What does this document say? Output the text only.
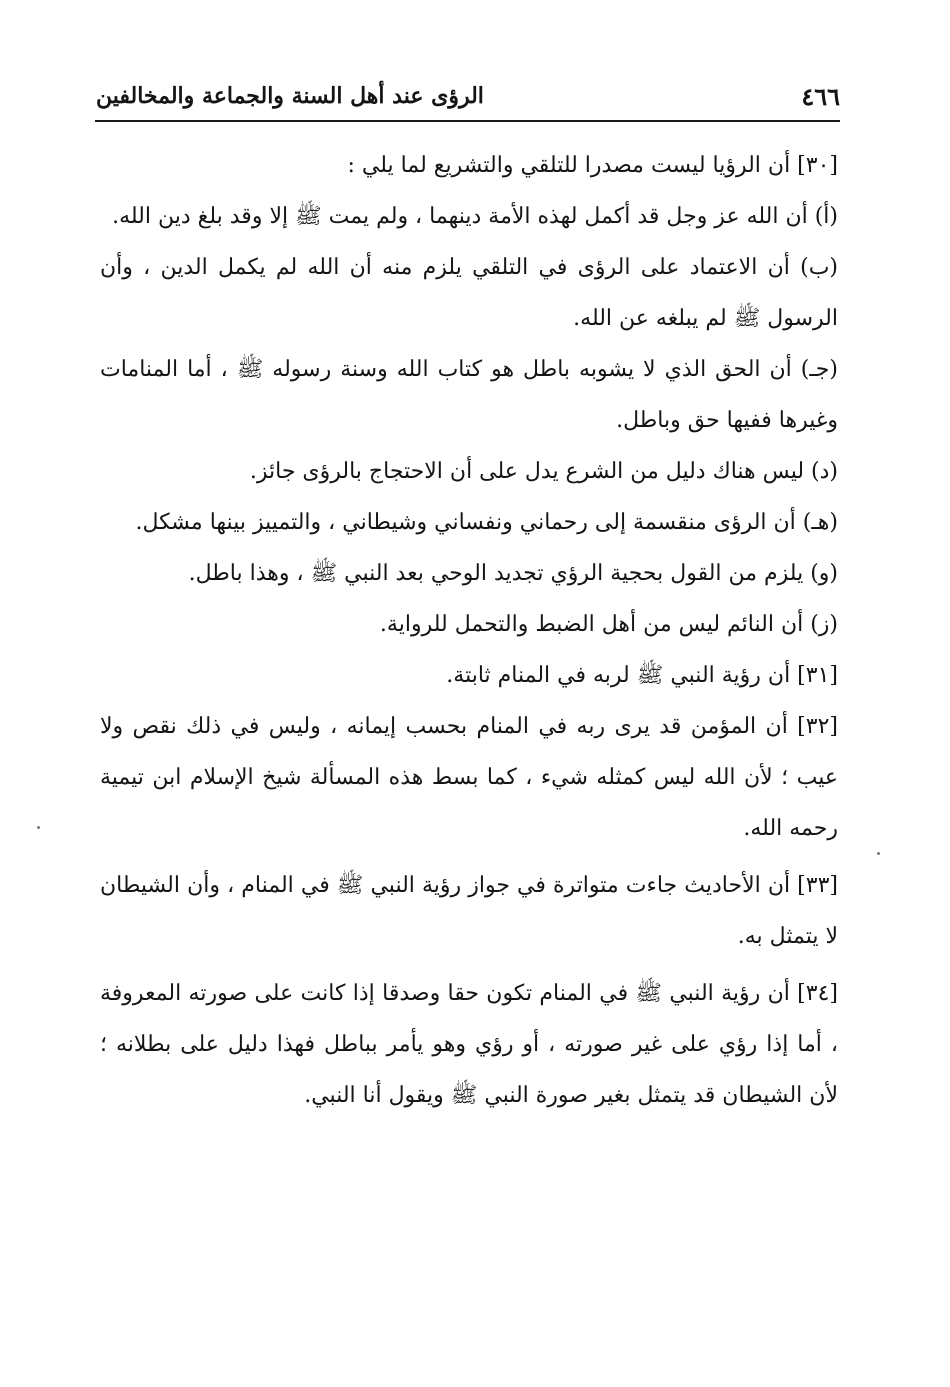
٤٦٦
الرؤى عند أهل السنة والجماعة والمخالفين

[٣٠] أن الرؤيا ليست مصدرا للتلقي والتشريع لما يلي :

(أ) أن الله عز وجل قد أكمل لهذه الأمة دينهما ، ولم يمت ﷺ إلا وقد بلغ دين الله.

(ب) أن الاعتماد على الرؤى في التلقي يلزم منه أن الله لم يكمل الدين ، وأن الرسول ﷺ لم يبلغه عن الله.

(جـ) أن الحق الذي لا يشوبه باطل هو كتاب الله وسنة رسوله ﷺ ، أما المنامات وغيرها ففيها حق وباطل.

(د) ليس هناك دليل من الشرع يدل على أن الاحتجاج بالرؤى جائز.

(هـ) أن الرؤى منقسمة إلى رحماني ونفساني وشيطاني ، والتمييز بينها مشكل.

(و) يلزم من القول بحجية الرؤي تجديد الوحي بعد النبي ﷺ ، وهذا باطل.

(ز) أن النائم ليس من أهل الضبط والتحمل للرواية.

[٣١] أن رؤية النبي ﷺ لربه في المنام ثابتة.

[٣٢] أن المؤمن قد يرى ربه في المنام بحسب إيمانه ، وليس في ذلك نقص ولا عيب ؛ لأن الله ليس كمثله شيء ، كما بسط هذه المسألة شيخ الإسلام ابن تيمية رحمه الله.

[٣٣] أن الأحاديث جاءت متواترة في جواز رؤية النبي ﷺ في المنام ، وأن الشيطان لا يتمثل به.

[٣٤] أن رؤية النبي ﷺ في المنام تكون حقا وصدقا إذا كانت على صورته المعروفة ، أما إذا رؤي على غير صورته ، أو رؤي وهو يأمر بباطل فهذا دليل على بطلانه ؛ لأن الشيطان قد يتمثل بغير صورة النبي ﷺ ويقول أنا النبي.
